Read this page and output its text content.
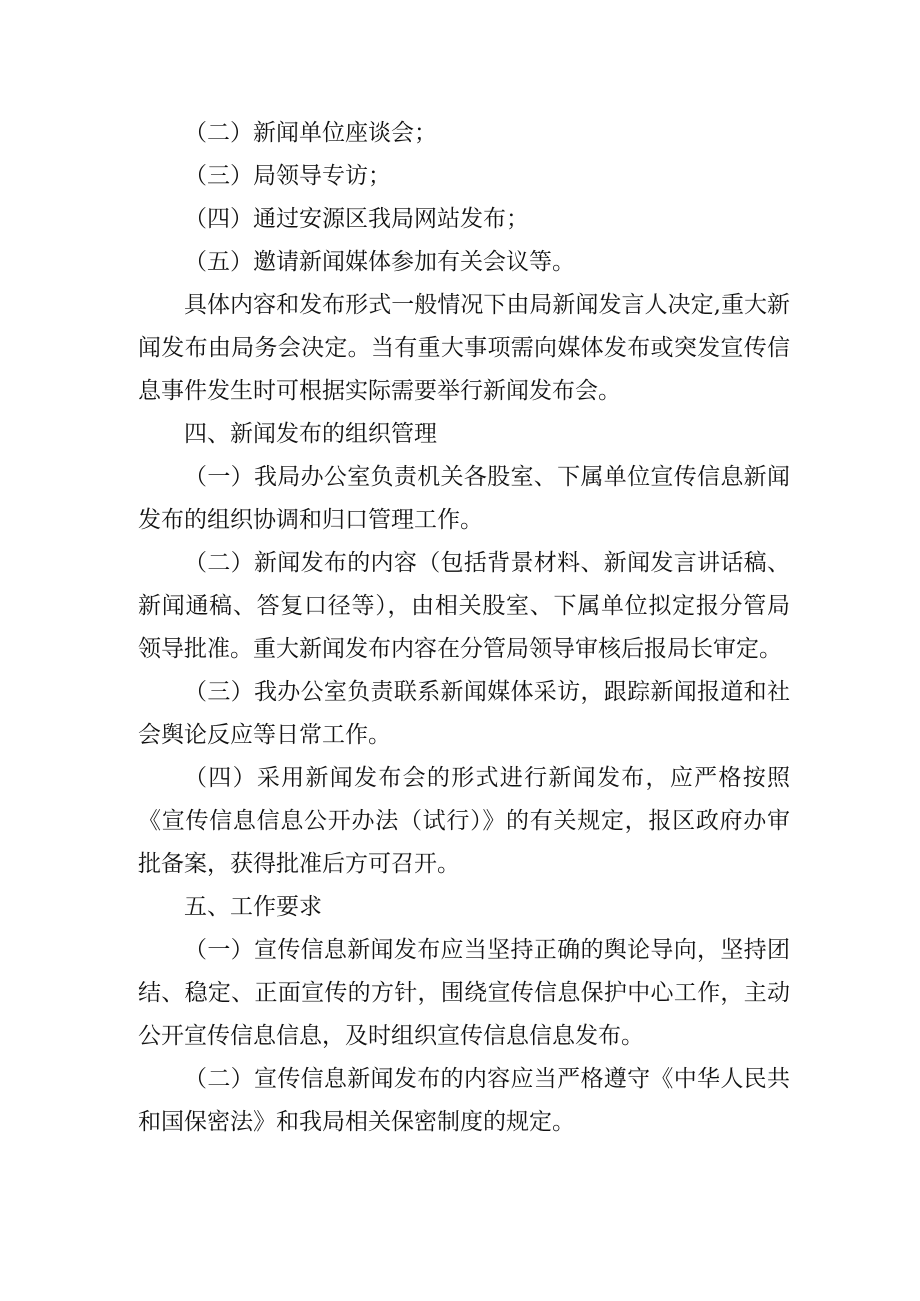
（二）新闻单位座谈会；

（三）局领导专访；

（四）通过安源区我局网站发布；

（五）邀请新闻媒体参加有关会议等。

具体内容和发布形式一般情况下由局新闻发言人决定,重大新闻发布由局务会决定。当有重大事项需向媒体发布或突发宣传信息事件发生时可根据实际需要举行新闻发布会。

四、新闻发布的组织管理

（一）我局办公室负责机关各股室、下属单位宣传信息新闻发布的组织协调和归口管理工作。

（二）新闻发布的内容（包括背景材料、新闻发言讲话稿、新闻通稿、答复口径等），由相关股室、下属单位拟定报分管局领导批准。重大新闻发布内容在分管局领导审核后报局长审定。

（三）我办公室负责联系新闻媒体采访，跟踪新闻报道和社会舆论反应等日常工作。

（四）采用新闻发布会的形式进行新闻发布，应严格按照《宣传信息信息公开办法（试行）》的有关规定，报区政府办审批备案，获得批准后方可召开。

五、工作要求

（一）宣传信息新闻发布应当坚持正确的舆论导向，坚持团结、稳定、正面宣传的方针，围绕宣传信息保护中心工作，主动公开宣传信息信息，及时组织宣传信息信息发布。

（二）宣传信息新闻发布的内容应当严格遵守《中华人民共和国保密法》和我局相关保密制度的规定。
